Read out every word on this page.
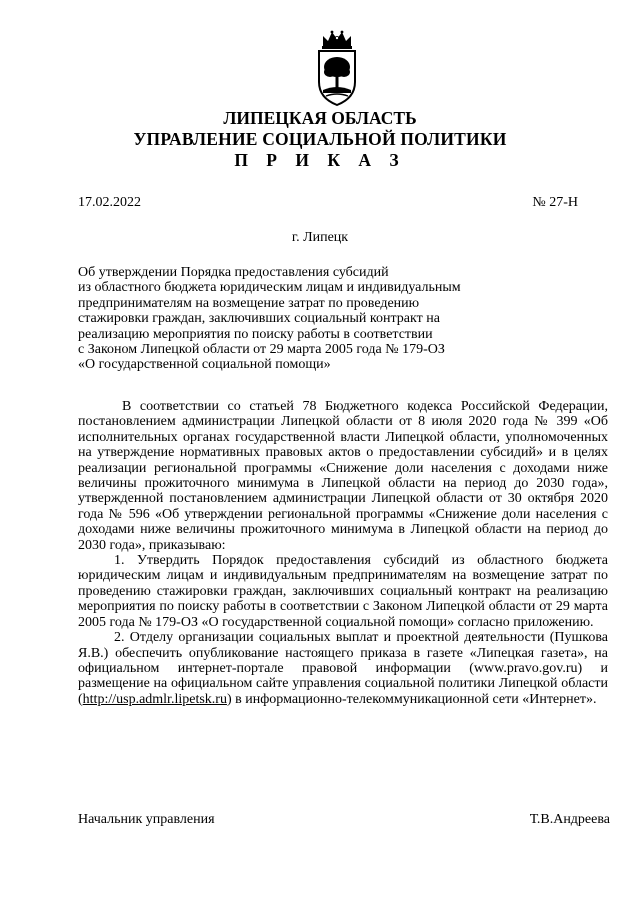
ЛИПЕЦКАЯ ОБЛАСТЬ
УПРАВЛЕНИЕ СОЦИАЛЬНОЙ ПОЛИТИКИ
П Р И К А З
17.02.2022	№ 27-Н
г. Липецк
Об утверждении Порядка предоставления субсидий
из областного бюджета юридическим лицам и индивидуальным
предпринимателям на возмещение затрат по проведению
стажировки граждан, заключивших социальный контракт на
реализацию мероприятия по поиску работы в соответствии
с Законом Липецкой области от 29 марта 2005 года № 179-ОЗ
«О государственной социальной помощи»

В соответствии со статьей 78 Бюджетного кодекса Российской Федерации, постановлением администрации Липецкой области от 8 июля 2020 года № 399 «Об исполнительных органах государственной власти Липецкой области, уполномоченных на утверждение нормативных правовых актов о предоставлении субсидий» и в целях реализации региональной программы «Снижение доли населения с доходами ниже величины прожиточного минимума в Липецкой области на период до 2030 года», утвержденной постановлением администрации Липецкой области от 30 октября 2020 года № 596 «Об утверждении региональной программы «Снижение доли населения с доходами ниже величины прожиточного минимума в Липецкой области на период до 2030 года», приказываю:

1. Утвердить Порядок предоставления субсидий из областного бюджета юридическим лицам и индивидуальным предпринимателям на возмещение затрат по проведению стажировки граждан, заключивших социальный контракт на реализацию мероприятия по поиску работы в соответствии с Законом Липецкой области от 29 марта 2005 года № 179-ОЗ «О государственной социальной помощи» согласно приложению.

2. Отделу организации социальных выплат и проектной деятельности (Пушкова Я.В.) обеспечить опубликование настоящего приказа в газете «Липецкая газета», на официальном интернет-портале правовой информации (www.pravo.gov.ru) и размещение на официальном сайте управления социальной политики Липецкой области (http://usp.admlr.lipetsk.ru) в информационно-телекоммуникационной сети «Интернет».

Начальник управления	Т.В.Андреева
